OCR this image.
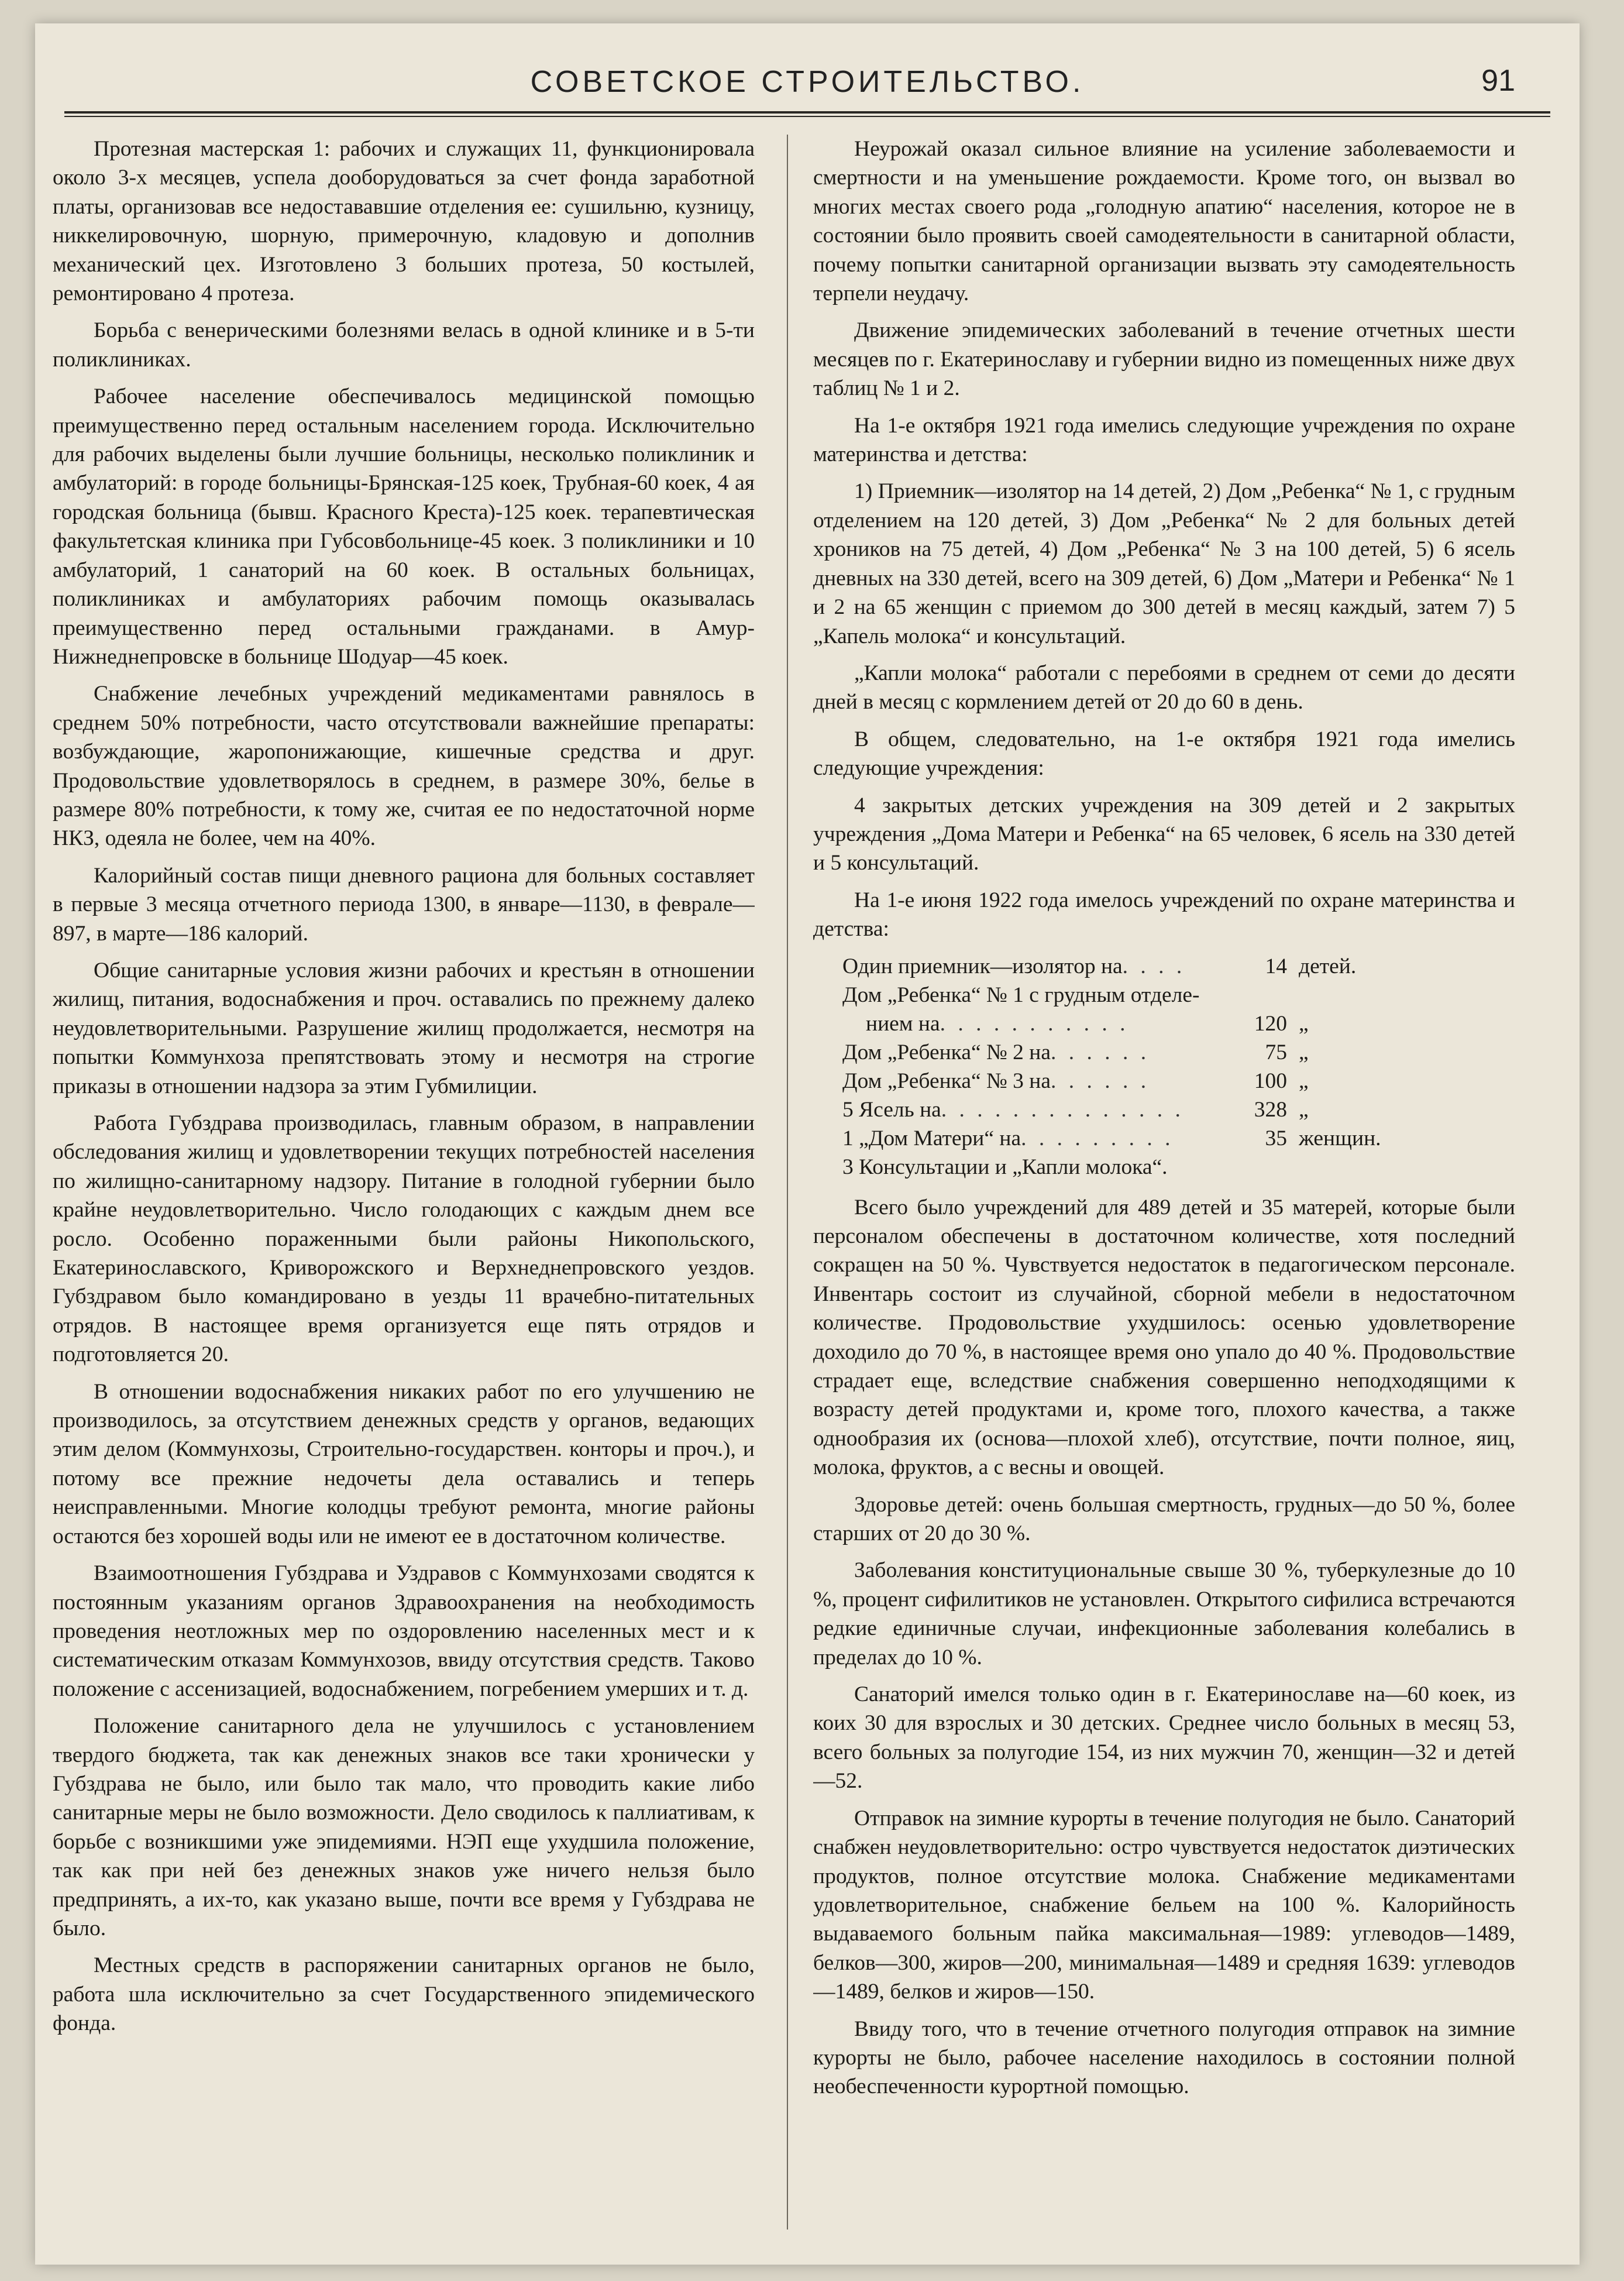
СОВЕТСКОЕ СТРОИТЕЛЬСТВО.	91

Протезная мастерская 1: рабочих и служащих 11, функционировала около 3-х месяцев, успела дооборудоваться за счет фонда заработной платы, организовав все недостававшие отделения ее: сушильню, кузницу, никкелировочную, шорную, примерочную, кладовую и дополнив механический цех. Изготовлено 3 больших протеза, 50 костылей, ремонтировано 4 протеза.

Борьба с венерическими болезнями велась в одной клинике и в 5-ти поликлиниках.

Рабочее население обеспечивалось медицинской помощью преимущественно перед остальным населением города. Исключительно для рабочих выделены были лучшие больницы, несколько поликлиник и амбулаторий: в городе больницы-Брянская-125 коек, Трубная-60 коек, 4 ая городская больница (бывш. Красного Креста)-125 коек. терапевтическая факультетская клиника при Губсовбольнице-45 коек. 3 поликлиники и 10 амбулаторий, 1 санаторий на 60 коек. В остальных больницах, поликлиниках и амбулаториях рабочим помощь оказывалась преимущественно перед остальными гражданами. в Амур-Нижнеднепровске в больнице Шодуар—45 коек.

Снабжение лечебных учреждений медикаментами равнялось в среднем 50% потребности, часто отсутствовали важнейшие препараты: возбуждающие, жаропонижающие, кишечные средства и друг. Продовольствие удовлетворялось в среднем, в размере 30%, белье в размере 80% потребности, к тому же, считая ее по недостаточной норме НКЗ, одеяла не более, чем на 40%.

Калорийный состав пищи дневного рациона для больных составляет в первые 3 месяца отчетного периода 1300, в январе—1130, в феврале—897, в марте—186 калорий.

Общие санитарные условия жизни рабочих и крестьян в отношении жилищ, питания, водоснабжения и проч. оставались по прежнему далеко неудовлетворительными. Разрушение жилищ продолжается, несмотря на попытки Коммунхоза препятствовать этому и несмотря на строгие приказы в отношении надзора за этим Губмилиции.

Работа Губздрава производилась, главным образом, в направлении обследования жилищ и удовлетворении текущих потребностей населения по жилищно-санитарному надзору. Питание в голодной губернии было крайне неудовлетворительно. Число голодающих с каждым днем все росло. Особенно пораженными были районы Никопольского, Екатеринославского, Криворожского и Верхнеднепровского уездов. Губздравом было командировано в уезды 11 врачебно-питательных отрядов. В настоящее время организуется еще пять отрядов и подготовляется 20.

В отношении водоснабжения никаких работ по его улучшению не производилось, за отсутствием денежных средств у органов, ведающих этим делом (Коммунхозы, Строительно-государствен. конторы и проч.), и потому все прежние недочеты дела оставались и теперь неисправленными. Многие колодцы требуют ремонта, многие районы остаются без хорошей воды или не имеют ее в достаточном количестве.

Взаимоотношения Губздрава и Уздравов с Коммунхозами сводятся к постоянным указаниям органов Здравоохранения на необходимость проведения неотложных мер по оздоровлению населенных мест и к систематическим отказам Коммунхозов, ввиду отсутствия средств. Таково положение с ассенизацией, водоснабжением, погребением умерших и т. д.

Положение санитарного дела не улучшилось с установлением твердого бюджета, так как денежных знаков все таки хронически у Губздрава не было, или было так мало, что проводить какие либо санитарные меры не было возможности. Дело сводилось к паллиативам, к борьбе с возникшими уже эпидемиями. НЭП еще ухудшила положение, так как при ней без денежных знаков уже ничего нельзя было предпринять, а их-то, как указано выше, почти все время у Губздрава не было.

Местных средств в распоряжении санитарных органов не было, работа шла исключительно за счет Государственного эпидемического фонда.

Неурожай оказал сильное влияние на усиление заболеваемости и смертности и на уменьшение рождаемости. Кроме того, он вызвал во многих местах своего рода „голодную апатию“ населения, которое не в состоянии было проявить своей самодеятельности в санитарной области, почему попытки санитарной организации вызвать эту самодеятельность терпели неудачу.

Движение эпидемических заболеваний в течение отчетных шести месяцев по г. Екатеринославу и губернии видно из помещенных ниже двух таблиц № 1 и 2.

На 1-е октября 1921 года имелись следующие учреждения по охране материнства и детства:

1) Приемник—изолятор на 14 детей, 2) Дом „Ребенка“ № 1, с грудным отделением на 120 детей, 3) Дом „Ребенка“ № 2 для больных детей хроников на 75 детей, 4) Дом „Ребенка“ № 3 на 100 детей, 5) 6 ясель дневных на 330 детей, всего на 309 детей, 6) Дом „Матери и Ребенка“ № 1 и 2 на 65 женщин с приемом до 300 детей в месяц каждый, затем 7) 5 „Капель молока“ и консультаций.

„Капли молока“ работали с перебоями в среднем от семи до десяти дней в месяц с кормлением детей от 20 до 60 в день.

В общем, следовательно, на 1-е октября 1921 года имелись следующие учреждения:

4 закрытых детских учреждения на 309 детей и 2 закрытых учреждения „Дома Матери и Ребенка“ на 65 человек, 6 ясель на 330 детей и 5 консультаций.

На 1-е июня 1922 года имелось учреждений по охране материнства и детства:

Один приемник—изолятор на . . . .	14 детей.
Дом „Ребенка“ № 1 с грудным отделе-
нием на . . . . . . . . . . .	120 „
Дом „Ребенка“ № 2 на . . . . . .	75 „
Дом „Ребенка“ № 3 на . . . . . .	100 „
5 Ясель на . . . . . . . . . . . . . .	328 „
1 „Дом Матери“ на . . . . . . . . .	35 женщин.
3 Консультации и „Капли молока“.

Всего было учреждений для 489 детей и 35 матерей, которые были персоналом обеспечены в достаточном количестве, хотя последний сокращен на 50 %. Чувствуется недостаток в педагогическом персонале. Инвентарь состоит из случайной, сборной мебели в недостаточном количестве. Продовольствие ухудшилось: осенью удовлетворение доходило до 70 %, в настоящее время оно упало до 40 %. Продовольствие страдает еще, вследствие снабжения совершенно неподходящими к возрасту детей продуктами и, кроме того, плохого качества, а также однообразия их (основа—плохой хлеб), отсутствие, почти полное, яиц, молока, фруктов, а с весны и овощей.

Здоровье детей: очень большая смертность, грудных—до 50 %, более старших от 20 до 30 %.

Заболевания конституциональные свыше 30 %, туберкулезные до 10 %, процент сифилитиков не установлен. Открытого сифилиса встречаются редкие единичные случаи, инфекционные заболевания колебались в пределах до 10 %.

Санаторий имелся только один в г. Екатеринославе на—60 коек, из коих 30 для взрослых и 30 детских. Среднее число больных в месяц 53, всего больных за полугодие 154, из них мужчин 70, женщин—32 и детей—52.

Отправок на зимние курорты в течение полугодия не было. Санаторий снабжен неудовлетворительно: остро чувствуется недостаток диэтических продуктов, полное отсутствие молока. Снабжение медикаментами удовлетворительное, снабжение бельем на 100 %. Калорийность выдаваемого больным пайка максимальная—1989: углеводов—1489, белков—300, жиров—200, минимальная—1489 и средняя 1639: углеводов—1489, белков и жиров—150.

Ввиду того, что в течение отчетного полугодия отправок на зимние курорты не было, рабочее население находилось в состоянии полной необеспеченности курортной помощью.
